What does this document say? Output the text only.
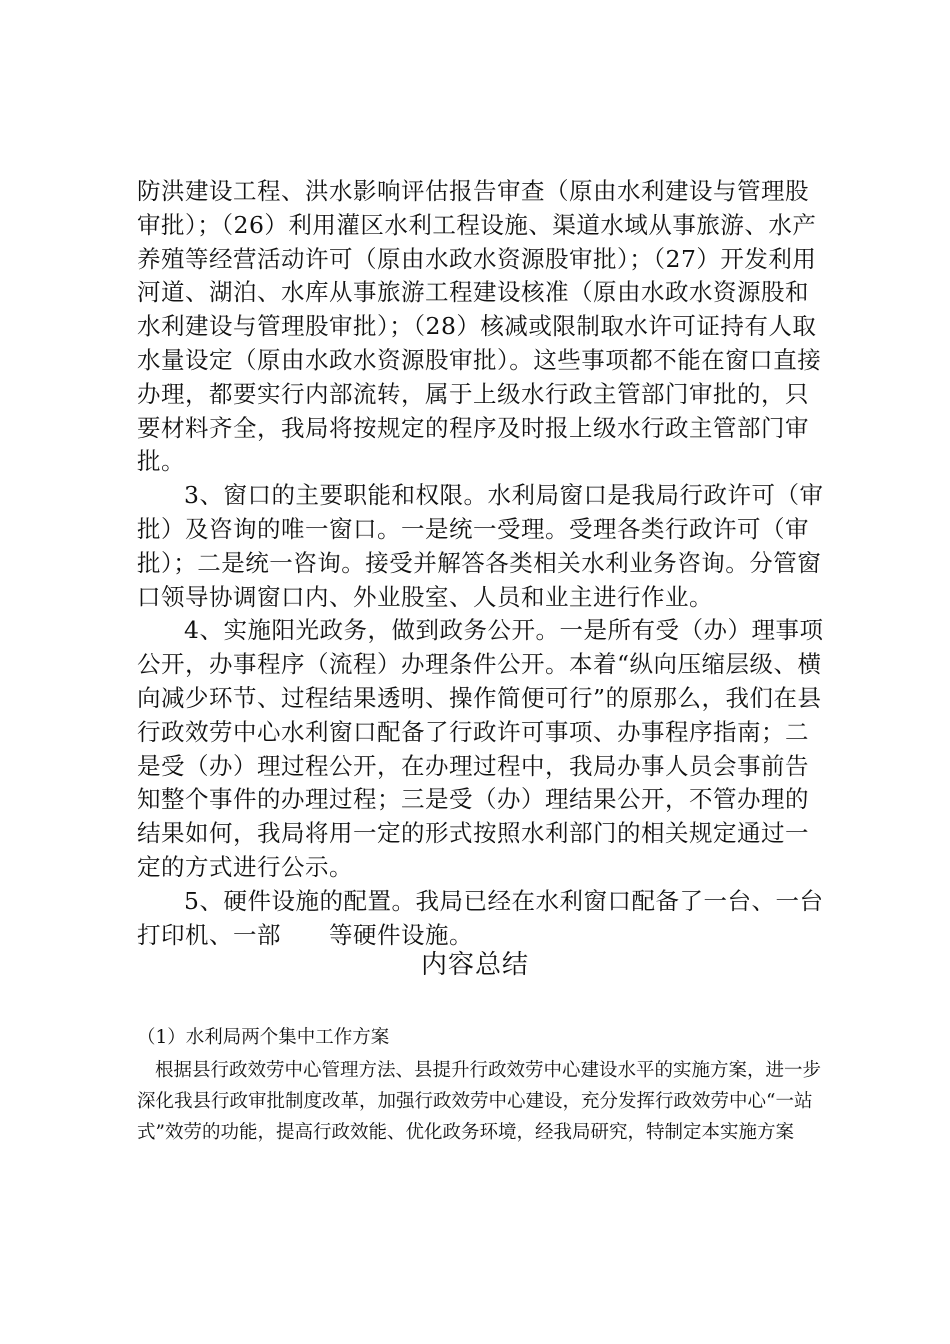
防洪建设工程、洪水影响评估报告审查（原由水利建设与管理股审批）；（26）利用灌区水利工程设施、渠道水域从事旅游、水产养殖等经营活动许可（原由水政水资源股审批）；（27）开发利用河道、湖泊、水库从事旅游工程建设核准（原由水政水资源股和水利建设与管理股审批）；（28）核减或限制取水许可证持有人取水量设定（原由水政水资源股审批）。这些事项都不能在窗口直接办理，都要实行内部流转，属于上级水行政主管部门审批的，只要材料齐全，我局将按规定的程序及时报上级水行政主管部门审批。

3、窗口的主要职能和权限。水利局窗口是我局行政许可（审批）及咨询的唯一窗口。一是统一受理。受理各类行政许可（审批）；二是统一咨询。接受并解答各类相关水利业务咨询。分管窗口领导协调窗口内、外业股室、人员和业主进行作业。

4、实施阳光政务，做到政务公开。一是所有受（办）理事项公开，办事程序（流程）办理条件公开。本着“纵向压缩层级、横向减少环节、过程结果透明、操作简便可行”的原那么，我们在县行政效劳中心水利窗口配备了行政许可事项、办事程序指南；二是受（办）理过程公开，在办理过程中，我局办事人员会事前告知整个事件的办理过程；三是受（办）理结果公开，不管办理的结果如何，我局将用一定的形式按照水利部门的相关规定通过一定的方式进行公示。

5、硬件设施的配置。我局已经在水利窗口配备了一台、一台打印机、一部　　等硬件设施。

内容总结

（1）水利局两个集中工作方案

根据县行政效劳中心管理方法、县提升行政效劳中心建设水平的实施方案，进一步深化我县行政审批制度改革，加强行政效劳中心建设，充分发挥行政效劳中心“一站式”效劳的功能，提高行政效能、优化政务环境，经我局研究，特制定本实施方案
